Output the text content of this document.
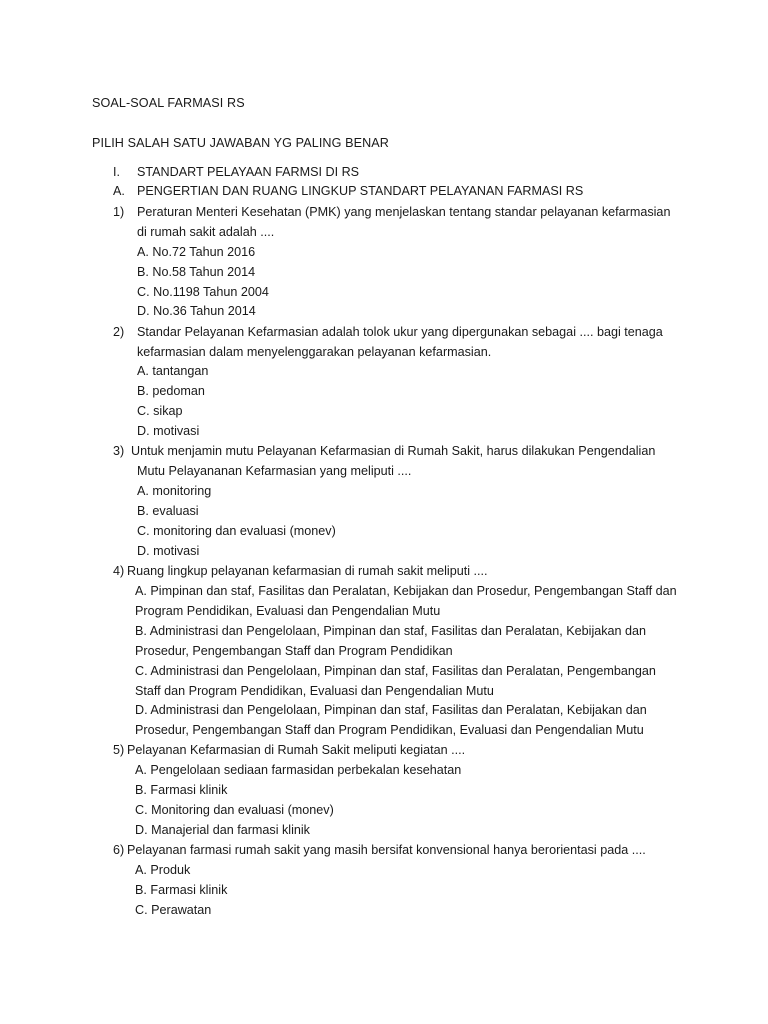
SOAL-SOAL FARMASI RS
PILIH SALAH SATU JAWABAN YG PALING BENAR
I. STANDART PELAYAAN FARMSI DI RS
A. PENGERTIAN DAN RUANG LINGKUP STANDART PELAYANAN FARMASI RS
1) Peraturan Menteri Kesehatan (PMK) yang menjelaskan tentang standar pelayanan kefarmasian
di rumah sakit adalah ....
A. No.72 Tahun 2016
B. No.58 Tahun 2014
C. No.1198 Tahun 2004
D. No.36 Tahun 2014
2) Standar Pelayanan Kefarmasian adalah tolok ukur yang dipergunakan sebagai .... bagi tenaga
kefarmasian dalam menyelenggarakan pelayanan kefarmasian.
A. tantangan
B. pedoman
C. sikap
D. motivasi
3) Untuk menjamin mutu Pelayanan Kefarmasian di Rumah Sakit, harus dilakukan Pengendalian
Mutu Pelayananan Kefarmasian yang meliputi ....
A. monitoring
B. evaluasi
C. monitoring dan evaluasi (monev)
D. motivasi
4) Ruang lingkup pelayanan kefarmasian di rumah sakit meliputi ....
A. Pimpinan dan staf, Fasilitas dan Peralatan, Kebijakan dan Prosedur, Pengembangan Staff dan
Program Pendidikan, Evaluasi dan Pengendalian Mutu
B. Administrasi dan Pengelolaan, Pimpinan dan staf, Fasilitas dan Peralatan, Kebijakan dan
Prosedur, Pengembangan Staff dan Program Pendidikan
C. Administrasi dan Pengelolaan, Pimpinan dan staf, Fasilitas dan Peralatan, Pengembangan
Staff dan Program Pendidikan, Evaluasi dan Pengendalian Mutu
D. Administrasi dan Pengelolaan, Pimpinan dan staf, Fasilitas dan Peralatan, Kebijakan dan
Prosedur, Pengembangan Staff dan Program Pendidikan, Evaluasi dan Pengendalian Mutu
5) Pelayanan Kefarmasian di Rumah Sakit meliputi kegiatan ....
A. Pengelolaan sediaan farmasidan perbekalan kesehatan
B. Farmasi klinik
C. Monitoring dan evaluasi (monev)
D. Manajerial dan farmasi klinik
6) Pelayanan farmasi rumah sakit yang masih bersifat konvensional hanya berorientasi pada ....
A. Produk
B. Farmasi klinik
C. Perawatan
